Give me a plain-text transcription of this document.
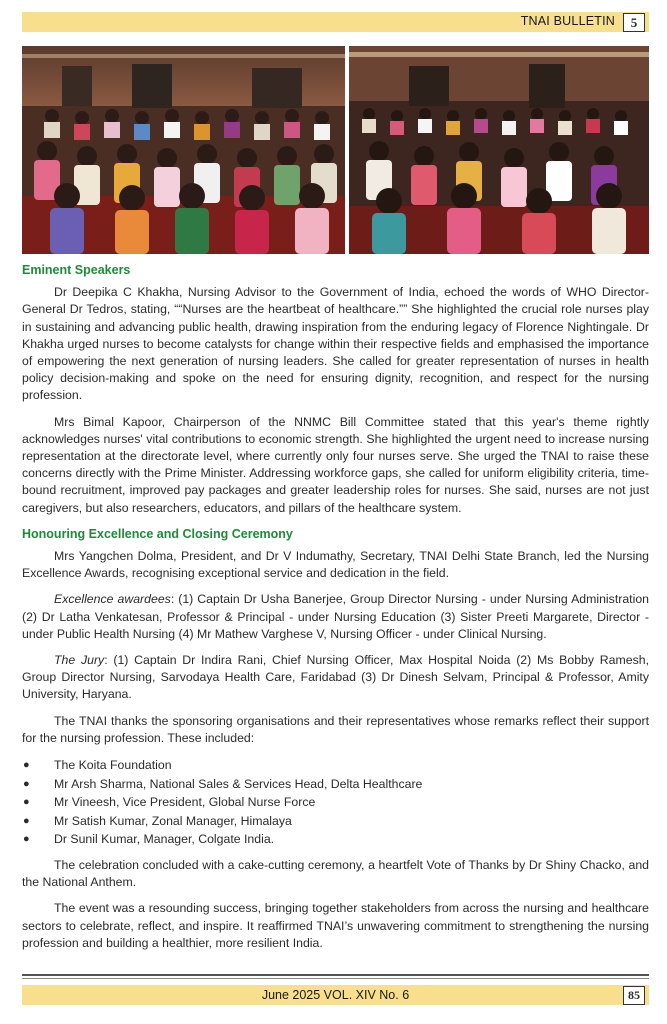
TNAI BULLETIN	5
Eminent Speakers

Dr Deepika C Khakha, Nursing Advisor to the Government of India, echoed the words of WHO Director-General Dr Tedros, stating, ““Nurses are the heartbeat of healthcare.”” She highlighted the crucial role nurses play in sustaining and advancing public health, drawing inspiration from the enduring legacy of Florence Nightingale. Dr Khakha urged nurses to become catalysts for change within their respective fields and emphasised the importance of empowering the next generation of nursing leaders. She called for greater representation of nurses in health policy decision-making and spoke on the need for ensuring dignity, recognition, and respect for the nursing profession.

Mrs Bimal Kapoor, Chairperson of the NNMC Bill Committee stated that this year's theme rightly acknowledges nurses' vital contributions to economic strength. She highlighted the urgent need to increase nursing representation at the directorate level, where currently only four nurses serve. She urged the TNAI to raise these concerns directly with the Prime Minister. Addressing workforce gaps, she called for uniform eligibility criteria, time-bound recruitment, improved pay packages and greater leadership roles for nurses. She said, nurses are not just caregivers, but also researchers, educators, and pillars of the healthcare system.

Honouring Excellence and Closing Ceremony

Mrs Yangchen Dolma, President, and Dr V Indumathy, Secretary, TNAI Delhi State Branch, led the Nursing Excellence Awards, recognising exceptional service and dedication in the field.

Excellence awardees: (1) Captain Dr Usha Banerjee, Group Director Nursing - under Nursing Administration (2) Dr Latha Venkatesan, Professor & Principal - under Nursing Education (3) Sister Preeti Margarete, Director - under Public Health Nursing (4) Mr Mathew Varghese V, Nursing Officer - under Clinical Nursing.

The Jury: (1) Captain Dr Indira Rani, Chief Nursing Officer, Max Hospital Noida (2) Ms Bobby Ramesh, Group Director Nursing, Sarvodaya Health Care, Faridabad (3) Dr Dinesh Selvam, Principal & Professor, Amity University, Haryana.

The TNAI thanks the sponsoring organisations and their representatives whose remarks reflect their support for the nursing profession. These included:

● The Koita Foundation
● Mr Arsh Sharma, National Sales & Services Head, Delta Healthcare
● Mr Vineesh, Vice President, Global Nurse Force
● Mr Satish Kumar, Zonal Manager, Himalaya
● Dr Sunil Kumar, Manager, Colgate India.

The celebration concluded with a cake-cutting ceremony, a heartfelt Vote of Thanks by Dr Shiny Chacko, and the National Anthem.

The event was a resounding success, bringing together stakeholders from across the nursing and healthcare sectors to celebrate, reflect, and inspire. It reaffirmed TNAI’s unwavering commitment to strengthening the nursing profession and building a healthier, more resilient India.

June 2025 VOL. XIV No. 6	85
